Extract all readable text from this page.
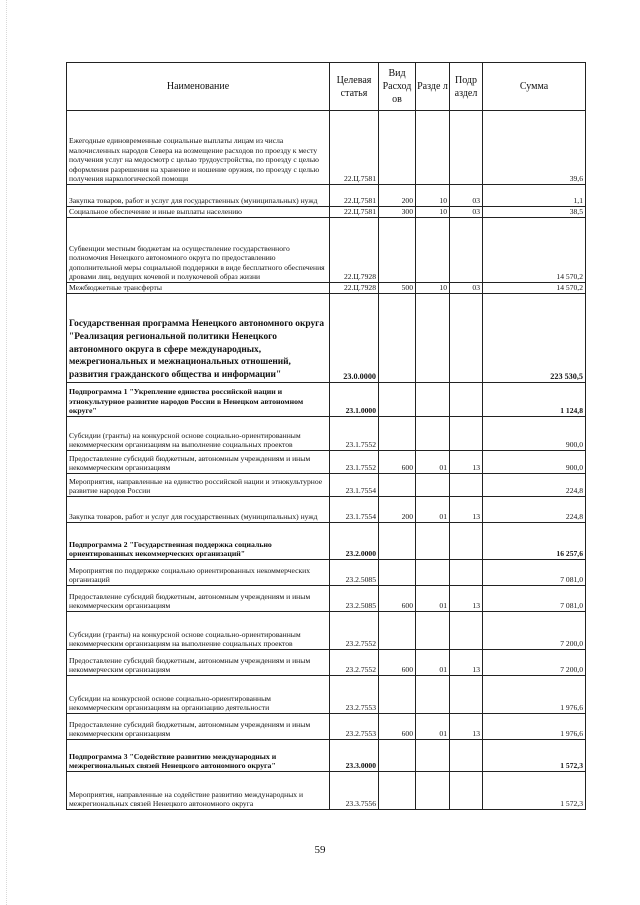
Наименование	Целевая статья	Вид Расход ов	Разде л	Подр аздел	Сумма
Ежегодные единовременные социальные выплаты лицам из числа малочисленных народов Севера на возмещение расходов по проезду к месту получения услуг на медосмотр с целью трудоустройства, по проезду с целью оформления разрешения на хранение и ношение оружия, по проезду с целью получения наркологической помощи	22.Ц.7581				39,6
Закупка товаров, работ и услуг для государственных (муниципальных) нужд	22.Ц.7581	200	10	03	1,1
Социальное обеспечение и иные выплаты населению	22.Ц.7581	300	10	03	38,5
Субвенции местным бюджетам на осуществление государственного полномочия Ненецкого автономного округа по предоставлению дополнительной меры социальной поддержки в виде бесплатного обеспечения дровами лиц, ведущих кочевой и полукочевой образ жизни	22.Ц.7928				14 570,2
Межбюджетные трансферты	22.Ц.7928	500	10	03	14 570,2
Государственная программа Ненецкого автономного округа "Реализация региональной политики Ненецкого автономного округа в сфере международных, межрегиональных и межнациональных отношений, развития гражданского общества и информации"	23.0.0000				223 530,5
Подпрограмма 1 "Укрепление единства российской нации и этнокультурное развитие народов России в Ненецком автономном округе"	23.1.0000				1 124,8
Субсидии (гранты) на конкурсной основе социально-ориентированным некоммерческим организациям на выполнение социальных проектов	23.1.7552				900,0
Предоставление субсидий бюджетным, автономным учреждениям и иным некоммерческим организациям	23.1.7552	600	01	13	900,0
Мероприятия, направленные на единство российской нации и этнокультурное развитие народов России	23.1.7554				224,8
Закупка товаров, работ и услуг для государственных (муниципальных) нужд	23.1.7554	200	01	13	224,8
Подпрограмма 2 "Государственная поддержка социально ориентированных некоммерческих организаций"	23.2.0000				16 257,6
Мероприятия по поддержке социально ориентированных некоммерческих организаций	23.2.5085				7 081,0
Предоставление субсидий бюджетным, автономным учреждениям и иным некоммерческим организациям	23.2.5085	600	01	13	7 081,0
Субсидии (гранты) на конкурсной основе социально-ориентированным некоммерческим организациям на выполнение социальных проектов	23.2.7552				7 200,0
Предоставление субсидий бюджетным, автономным учреждениям и иным некоммерческим организациям	23.2.7552	600	01	13	7 200,0
Субсидии на конкурсной основе социально-ориентированным некоммерческим организациям на организацию деятельности	23.2.7553				1 976,6
Предоставление субсидий бюджетным, автономным учреждениям и иным некоммерческим организациям	23.2.7553	600	01	13	1 976,6
Подпрограмма 3 "Содействие развитию международных и межрегиональных связей Ненецкого автономного округа"	23.3.0000				1 572,3
Мероприятия, направленные на содействие развитию международных и межрегиональных связей Ненецкого автономного округа	23.3.7556				1 572,3
59
